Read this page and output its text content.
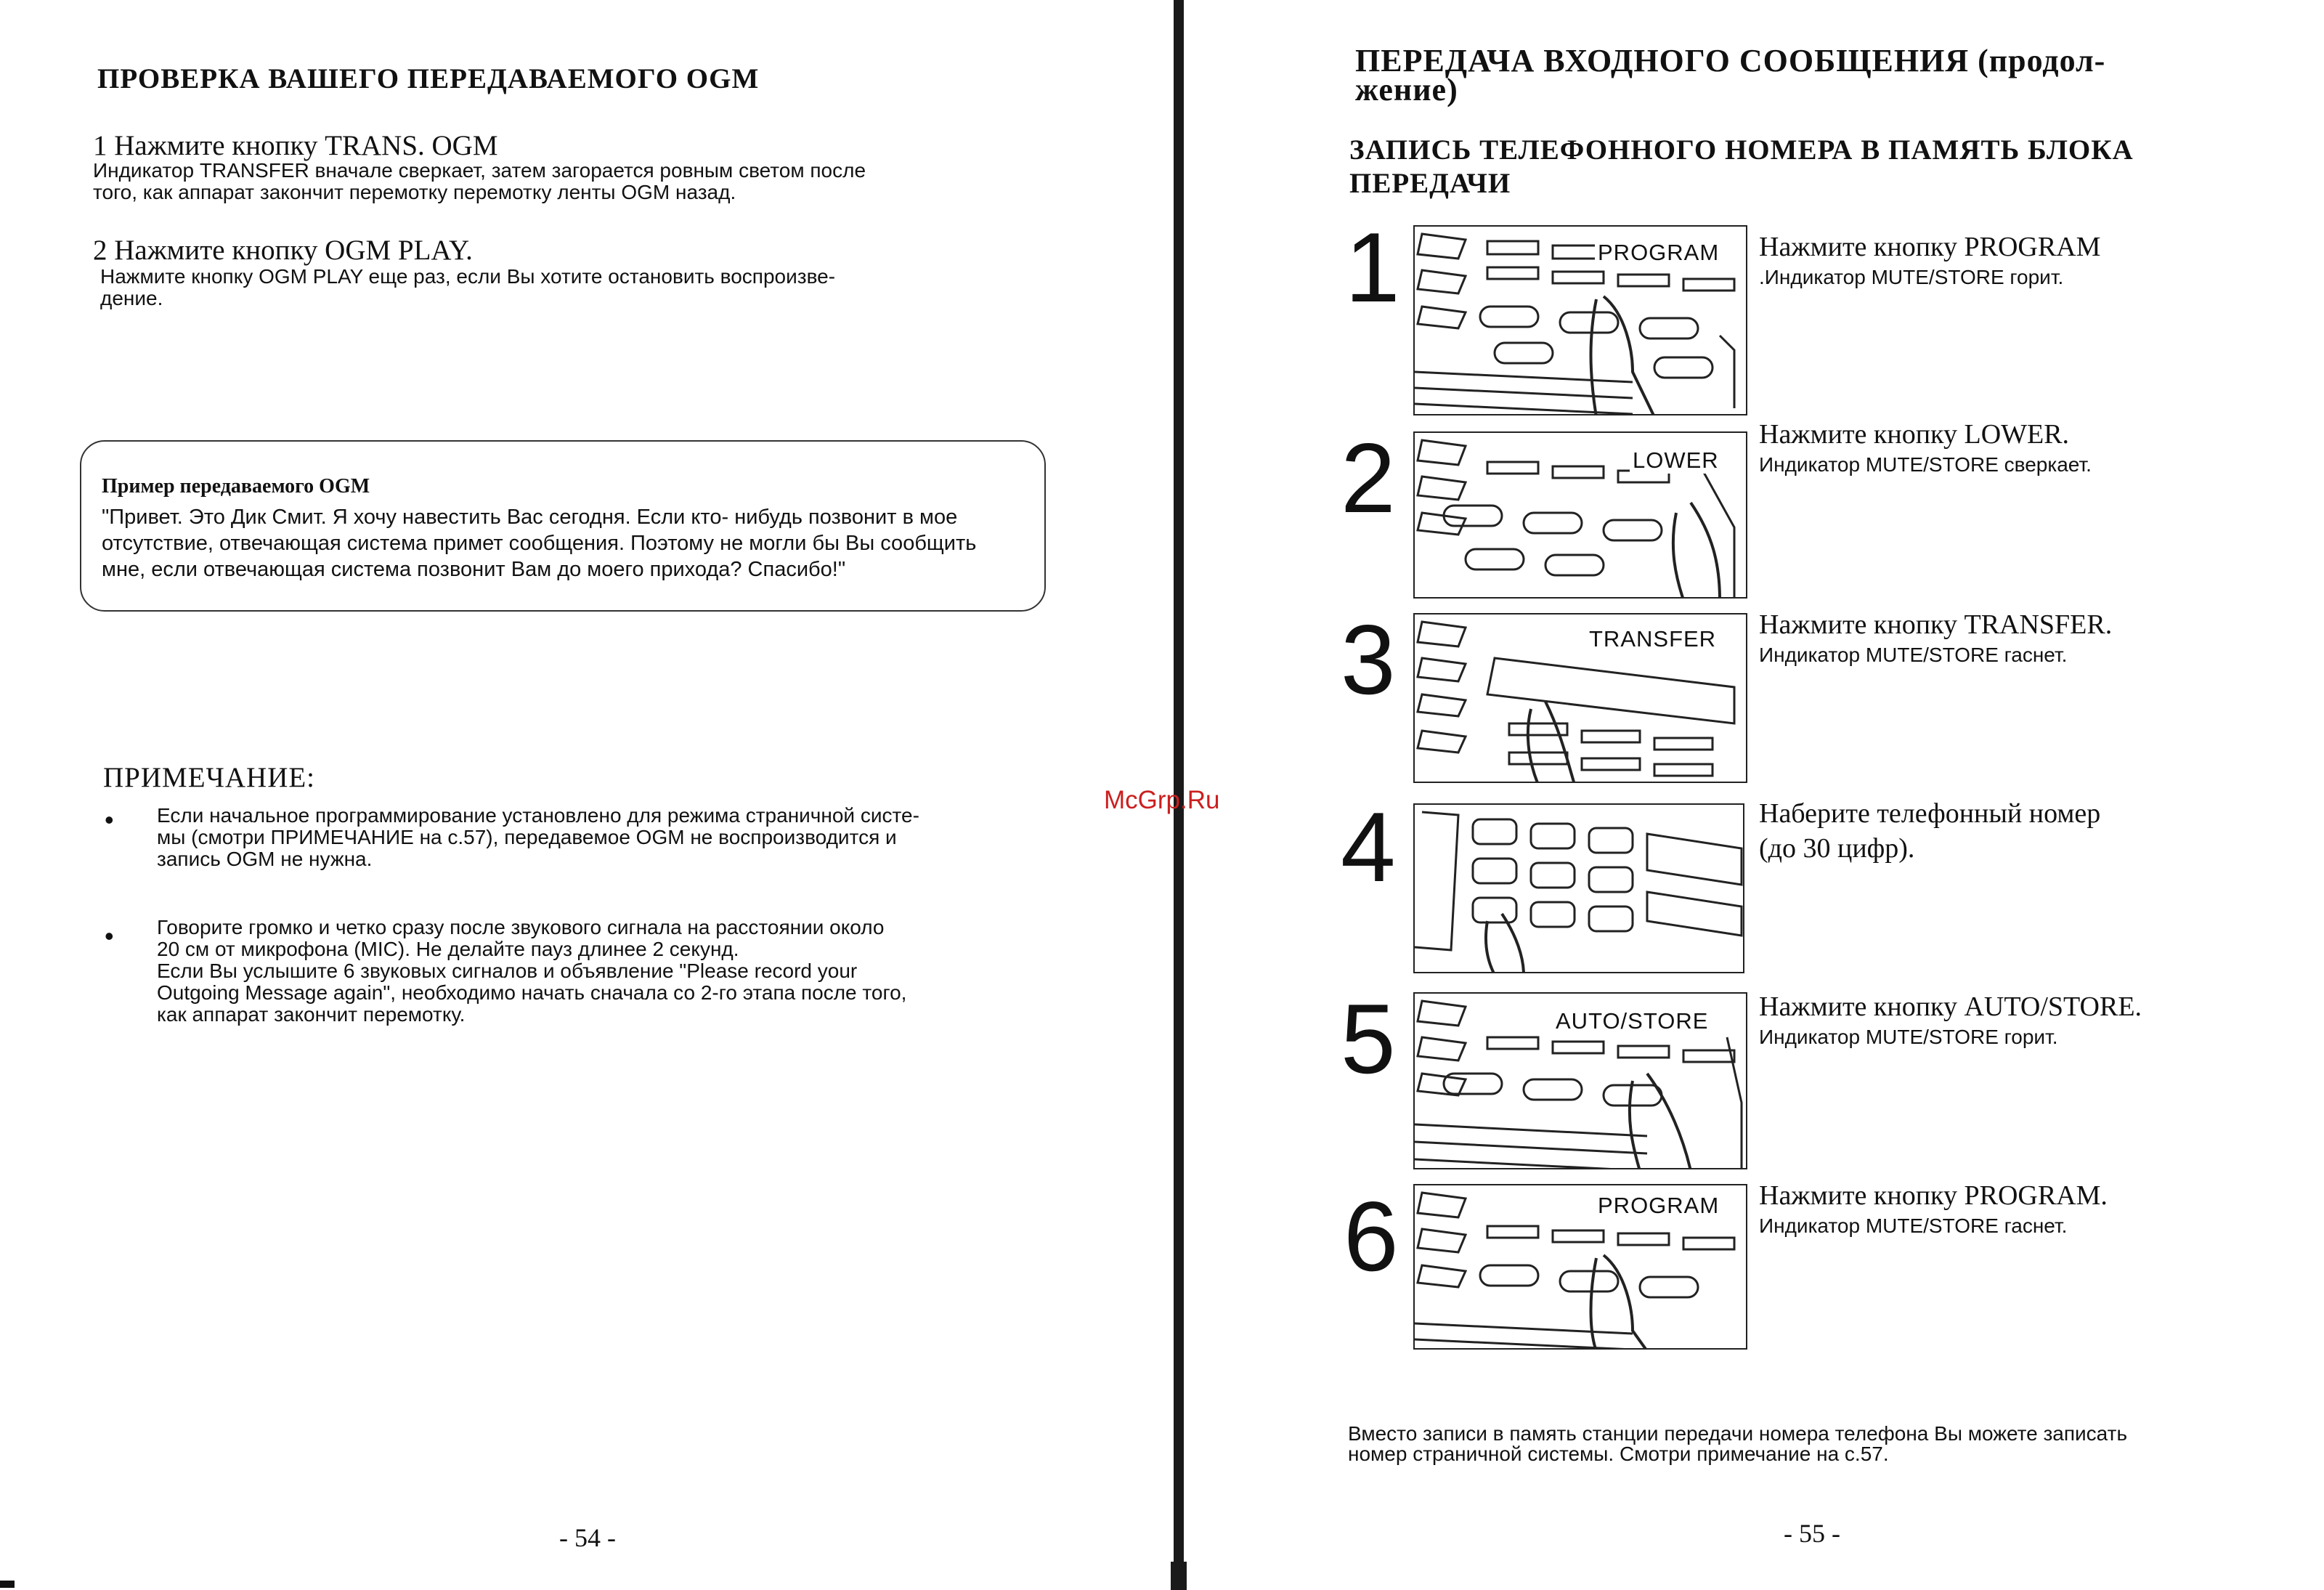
ПРОВЕРКА ВАШЕГО ПЕРЕДАВАЕМОГО OGM
1 Нажмите кнопку TRANS. OGM
Индикатор TRANSFER вначале сверкает, затем загорается ровным светом после
того, как аппарат закончит перемотку перемотку ленты OGM назад.
2 Нажмите кнопку OGM PLAY.
Нажмите кнопку OGM PLAY еще раз, если Вы хотите остановить воспроизве-
дение.
Пример передаваемого OGM
"Привет. Это Дик Смит. Я хочу навестить Вас сегодня. Если кто- нибудь позвонит в мое отсутствие, отвечающая система примет сообщения. Поэтому не могли бы Вы сообщить мне, если отвечающая система позвонит Вам до моего прихода? Спасибо!"
ПРИМЕЧАНИЕ:
• Если начальное программирование установлено для режима страничной систе-
мы (смотри ПРИМЕЧАНИЕ на с.57), передавемое OGM не воспроизводится и
запись OGM не нужна.
• Говорите громко и четко сразу после звукового сигнала на расстоянии около
20 см от микрофона (MIC). Не делайте пауз длинее 2 секунд.
Если Вы услышите 6 звуковых сигналов и объявление "Please record your
Outgoing Message again", необходимо начать сначала со 2-го этапа после того,
как аппарат закончит перемотку.
- 54 -
McGrp.Ru
ПЕРЕДАЧА ВХОДНОГО СООБЩЕНИЯ (продол-
жение)
ЗАПИСЬ ТЕЛЕФОННОГО НОМЕРА В ПАМЯТЬ БЛОКА
ПЕРЕДАЧИ
1	PROGRAM Нажмите кнопку PROGRAM
.Индикатор MUTE/STORE горит.
2	LOWER
Нажмите кнопку LOWER.
Индикатор MUTE/STORE сверкает.
3	TRANSFER Нажмите кнопку TRANSFER.
Индикатор MUTE/STORE гаснет.
4	Наберите телефонный номер
(до 30 цифр).
5	AUTO/STORE Нажмите кнопку AUTO/STORE.
Индикатор MUTE/STORE горит.
6	PROGRAM Нажмите кнопку PROGRAM.
Индикатор MUTE/STORE гаснет.
Вместо записи в память станции передачи номера телефона Вы можете записать
номер страничной системы. Смотри примечание на с.57.
- 55 -
